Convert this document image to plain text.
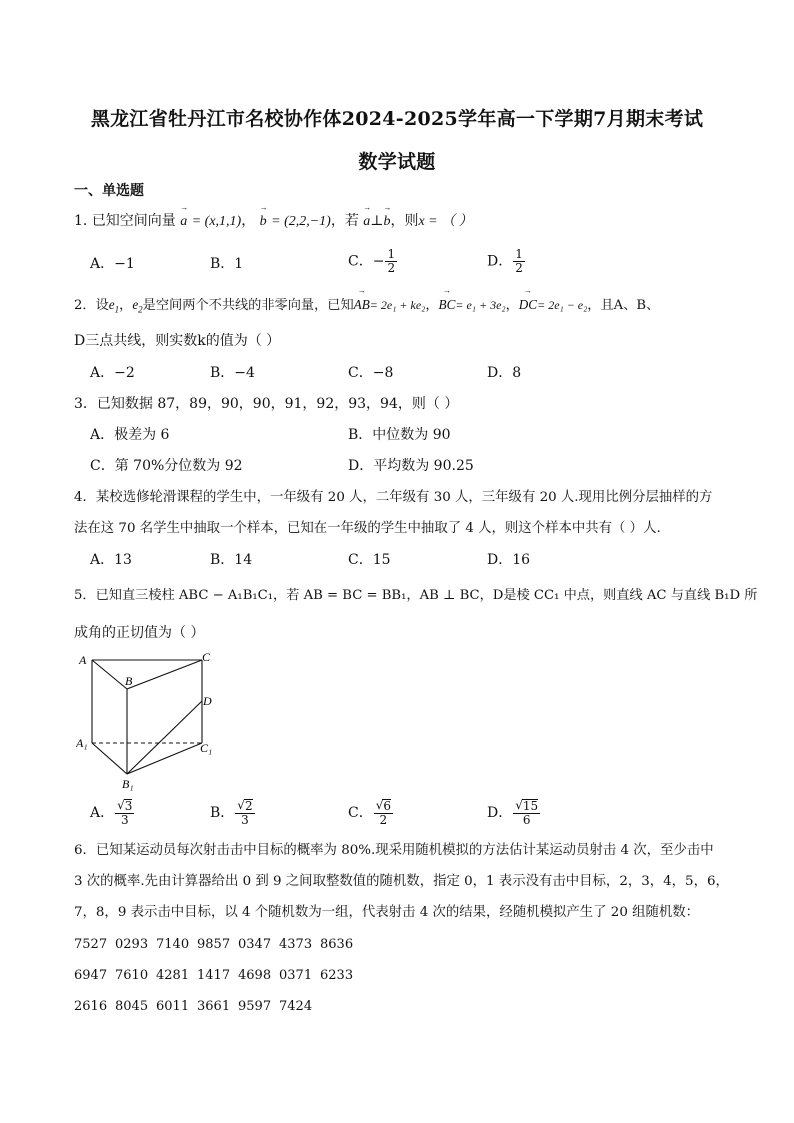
黑龙江省牡丹江市名校协作体2024-2025学年高一下学期7月期末考试
数学试题
一、单选题
1. 已知空间向量 → a = (x,1,1)， → b = (2,2,−1)，若 → a⊥→ b，则x = （ ）
A．−1	B．1	C．− $\frac{1}{2}$	D． $\frac{1}{2}$
2．设$e_1$，$e_2$是空间两个不共线的非零向量，已知→ AB= 2e₁ + ke₂，→ BC= e₁ + 3e₂，→ DC= 2e₁ − e₂，且A、B、
D三点共线，则实数k的值为（ ）
A．−2	B．−4	C．−8	D．8
3．已知数据 87，89，90，90，91，92，93，94，则（ ）
A．极差为 6	B．中位数为 90
C．第 70%分位数为 92	D．平均数为 90.25
4．某校选修轮滑课程的学生中，一年级有 20 人，二年级有 30 人，三年级有 20 人.现用比例分层抽样的方
法在这 70 名学生中抽取一个样本，已知在一年级的学生中抽取了 4 人，则这个样本中共有（ ）人.
A．13	B．14	C．15	D．16
5．已知直三棱柱 ABC − A₁B₁C₁，若 AB = BC = BB₁，AB ⊥ BC，D是棱 CC₁ 中点，则直线 AC 与直线 B₁D 所
成角的正切值为（ ）
A
B
C
D
A₁
B₁
C₁
A． $\frac{√ 3}{3}$	B． $\frac{√ 2}{3}$	C． $\frac{√ 6}{2}$	D． $\frac{√ 15}{6}$
6．已知某运动员每次射击击中目标的概率为 80%.现采用随机模拟的方法估计某运动员射击 4 次，至少击中
3 次的概率.先由计算器给出 0 到 9 之间取整数值的随机数，指定 0，1 表示没有击中目标，2，3，4，5，6，
7，8，9 表示击中目标，以 4 个随机数为一组，代表射击 4 次的结果，经随机模拟产生了 20 组随机数：
7527 0293 7140 9857 0347 4373 8636
6947 7610 4281 1417 4698 0371 6233
2616 8045 6011 3661 9597 7424
